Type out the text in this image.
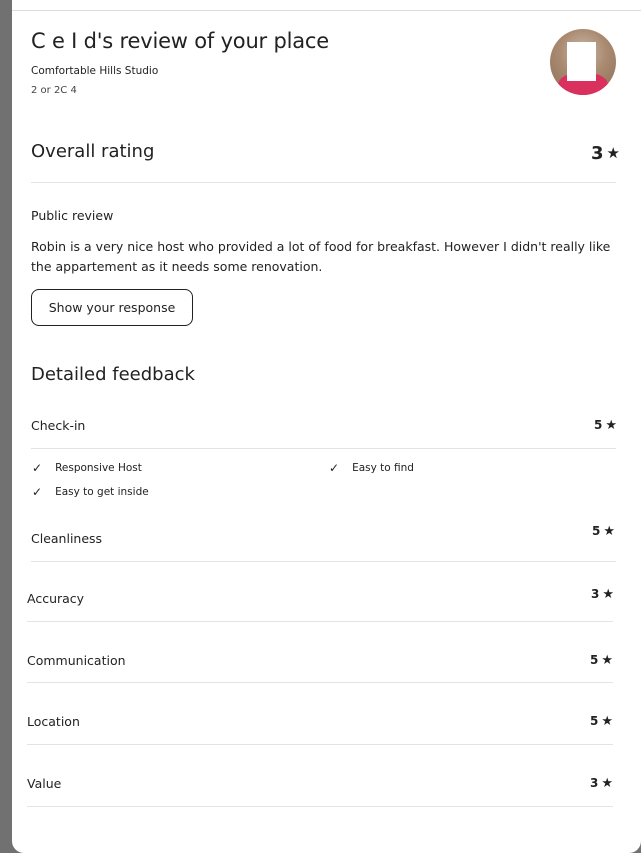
C e I d's review of your place
Comfortable Hills Studio
2 or 2C 4
Overall rating	3 ★
Public review
Robin is a very nice host who provided a lot of food for breakfast. However I didn't really like the appartement as it needs some renovation.
Show your response
Detailed feedback
Check-in	5 ★
✓ Responsive Host	✓ Easy to find
✓ Easy to get inside
Cleanliness	5 ★
Accuracy	3 ★
Communication	5 ★
Location	5 ★
Value	3 ★
